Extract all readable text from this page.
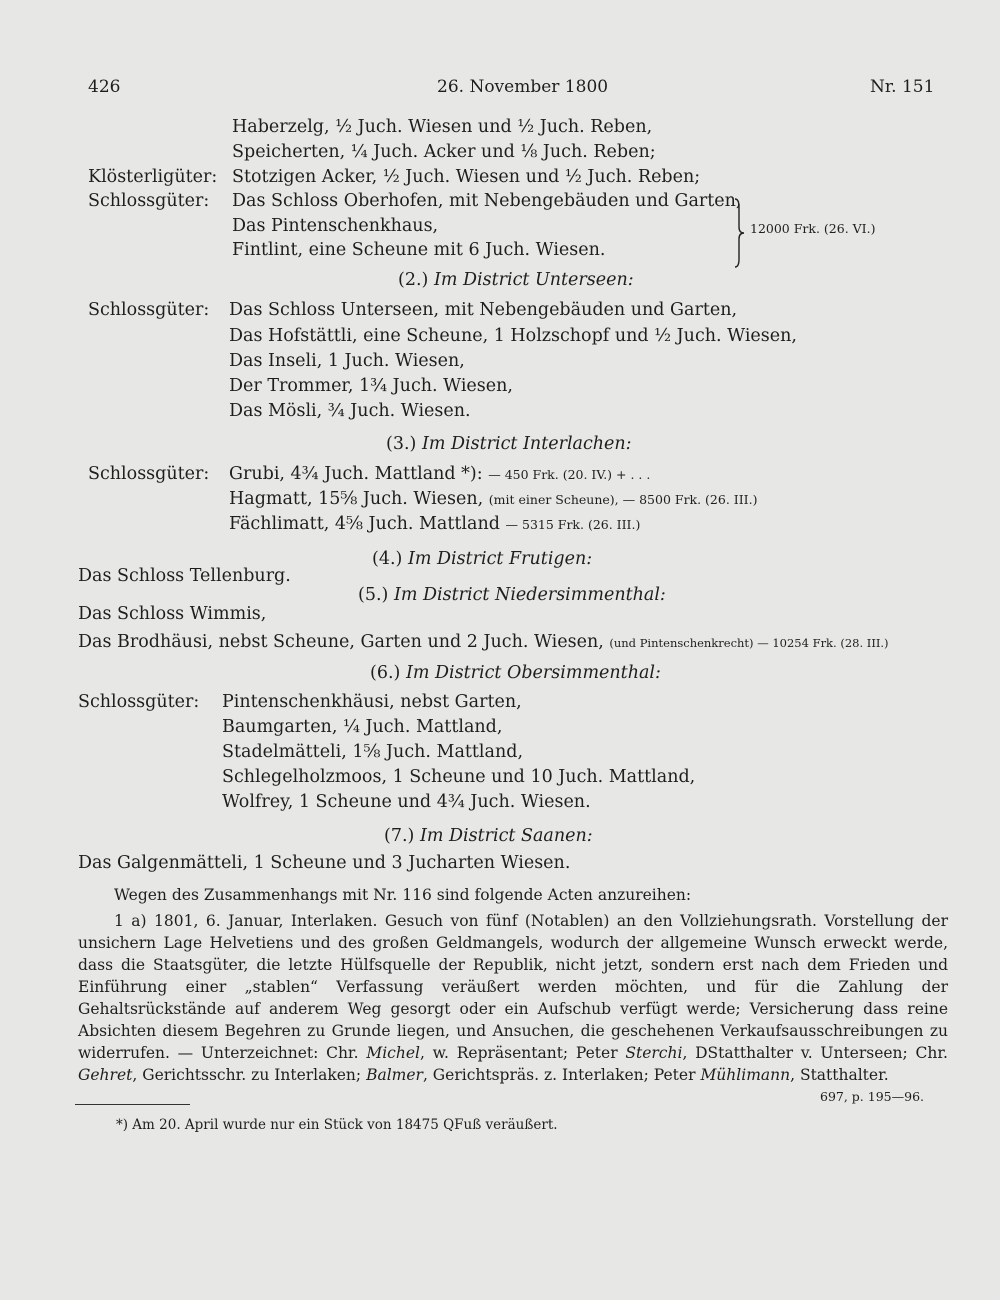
426	26. November 1800	Nr. 151
Haberzelg, ½ Juch. Wiesen und ½ Juch. Reben,
Speicherten, ¼ Juch. Acker und ⅛ Juch. Reben;
Klösterligüter: Stotzigen Acker, ½ Juch. Wiesen und ½ Juch. Reben;
Schlossgüter: Das Schloss Oberhofen, mit Nebengebäuden und Garten,
Das Pintenschenkhaus,
Fintlint, eine Scheune mit 6 Juch. Wiesen.
12000 Frk. (26. VI.)
(2.) Im District Unterseen:
Schlossgüter: Das Schloss Unterseen, mit Nebengebäuden und Garten,
Das Hofstättli, eine Scheune, 1 Holzschopf und ½ Juch. Wiesen,
Das Inseli, 1 Juch. Wiesen,
Der Trommer, 1¾ Juch. Wiesen,
Das Mösli, ¾ Juch. Wiesen.
(3.) Im District Interlachen:
Schlossgüter: Grubi, 4¾ Juch. Mattland *): — 450 Frk. (20. IV.) + . . .
Hagmatt, 15⅝ Juch. Wiesen, (mit einer Scheune), — 8500 Frk. (26. III.)
Fächlimatt, 4⅝ Juch. Mattland — 5315 Frk. (26. III.)
(4.) Im District Frutigen:
Das Schloss Tellenburg.
(5.) Im District Niedersimmenthal:
Das Schloss Wimmis,
Das Brodhäusi, nebst Scheune, Garten und 2 Juch. Wiesen, (und Pintenschenkrecht) — 10254 Frk. (28. III.)
(6.) Im District Obersimmenthal:
Schlossgüter: Pintenschenkhäusi, nebst Garten,
Baumgarten, ¼ Juch. Mattland,
Stadelmätteli, 1⅝ Juch. Mattland,
Schlegelholzmoos, 1 Scheune und 10 Juch. Mattland,
Wolfrey, 1 Scheune und 4¾ Juch. Wiesen.
(7.) Im District Saanen:
Das Galgenmätteli, 1 Scheune und 3 Jucharten Wiesen.

Wegen des Zusammenhangs mit Nr. 116 sind folgende Acten anzureihen:

1 a) 1801, 6. Januar, Interlaken. Gesuch von fünf (Notablen) an den Vollziehungsrath. Vorstellung der unsichern Lage Helvetiens und des großen Geldmangels, wodurch der allgemeine Wunsch erweckt werde, dass die Staatsgüter, die letzte Hülfsquelle der Republik, nicht jetzt, sondern erst nach dem Frieden und Einführung einer „stablen“ Verfassung veräußert werden möchten, und für die Zahlung der Gehaltsrückstände auf anderem Weg gesorgt oder ein Aufschub verfügt werde; Versicherung dass reine Absichten diesem Begehren zu Grunde liegen, und Ansuchen, die geschehenen Verkaufsausschreibungen zu widerrufen. — Unterzeichnet: Chr. Michel, w. Repräsentant; Peter Sterchi, DStatthalter v. Unterseen; Chr. Gehret, Gerichtsschr. zu Interlaken; Balmer, Gerichtspräs. z. Interlaken; Peter Mühlimann, Statthalter.
697, p. 195—96.

*) Am 20. April wurde nur ein Stück von 18475 QFuß veräußert.
